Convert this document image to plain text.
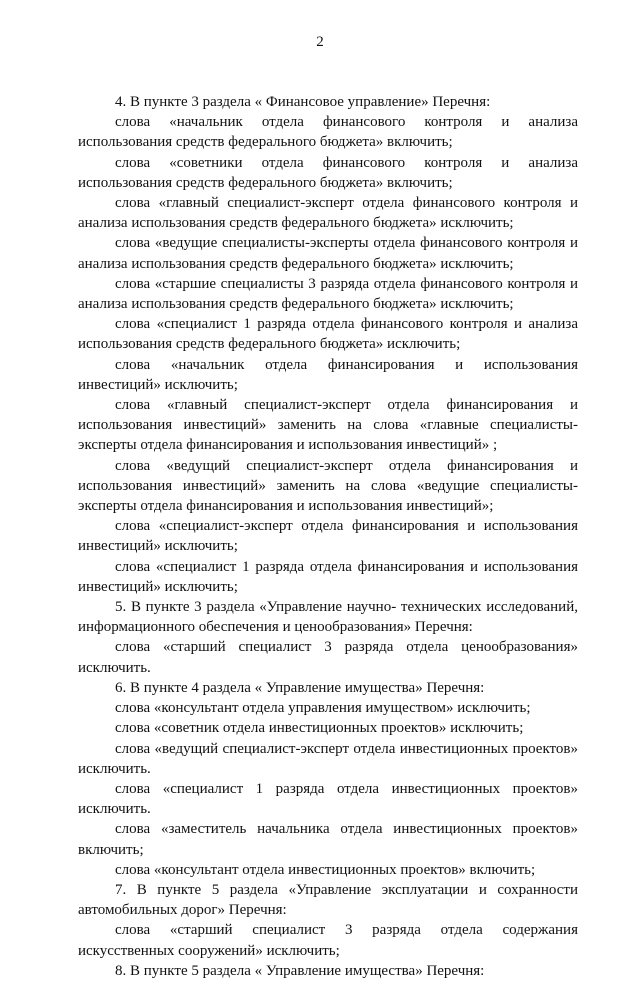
2

4. В пункте 3 раздела « Финансовое управление» Перечня:

слова «начальник отдела финансового контроля и анализа использования средств федерального бюджета» включить;

слова «советники отдела финансового контроля и анализа использования средств федерального бюджета» включить;

слова «главный специалист-эксперт отдела финансового контроля и анализа использования средств федерального бюджета» исключить;

слова «ведущие специалисты-эксперты отдела финансового контроля и анализа использования средств федерального бюджета» исключить;

слова «старшие специалисты 3 разряда отдела финансового контроля и анализа использования средств федерального бюджета» исключить;

слова «специалист 1 разряда отдела финансового контроля и анализа использования средств федерального бюджета» исключить;

слова «начальник отдела финансирования и использования инвестиций» исключить;

слова «главный специалист-эксперт отдела финансирования и использования инвестиций» заменить на слова «главные специалисты-эксперты отдела финансирования и использования инвестиций» ;

слова «ведущий специалист-эксперт отдела финансирования и использования инвестиций» заменить на слова «ведущие специалисты-эксперты отдела финансирования и использования инвестиций»;

слова «специалист-эксперт отдела финансирования и использования инвестиций» исключить;

слова «специалист 1 разряда отдела финансирования и использования инвестиций» исключить;

5. В пункте 3 раздела «Управление научно- технических исследований, информационного обеспечения и ценообразования» Перечня:

слова «старший специалист 3 разряда отдела ценообразования» исключить.

6. В пункте 4 раздела « Управление имущества» Перечня:

слова «консультант отдела управления имуществом» исключить;

слова «советник отдела инвестиционных проектов» исключить;

слова «ведущий специалист-эксперт отдела инвестиционных проектов» исключить.

слова «специалист 1 разряда отдела инвестиционных проектов» исключить.

слова «заместитель начальника отдела инвестиционных проектов» включить;

слова «консультант отдела инвестиционных проектов» включить;

7. В пункте 5 раздела «Управление эксплуатации и сохранности автомобильных дорог» Перечня:

слова «старший специалист 3 разряда отдела содержания искусственных сооружений» исключить;

8. В пункте 5 раздела « Управление имущества» Перечня:
